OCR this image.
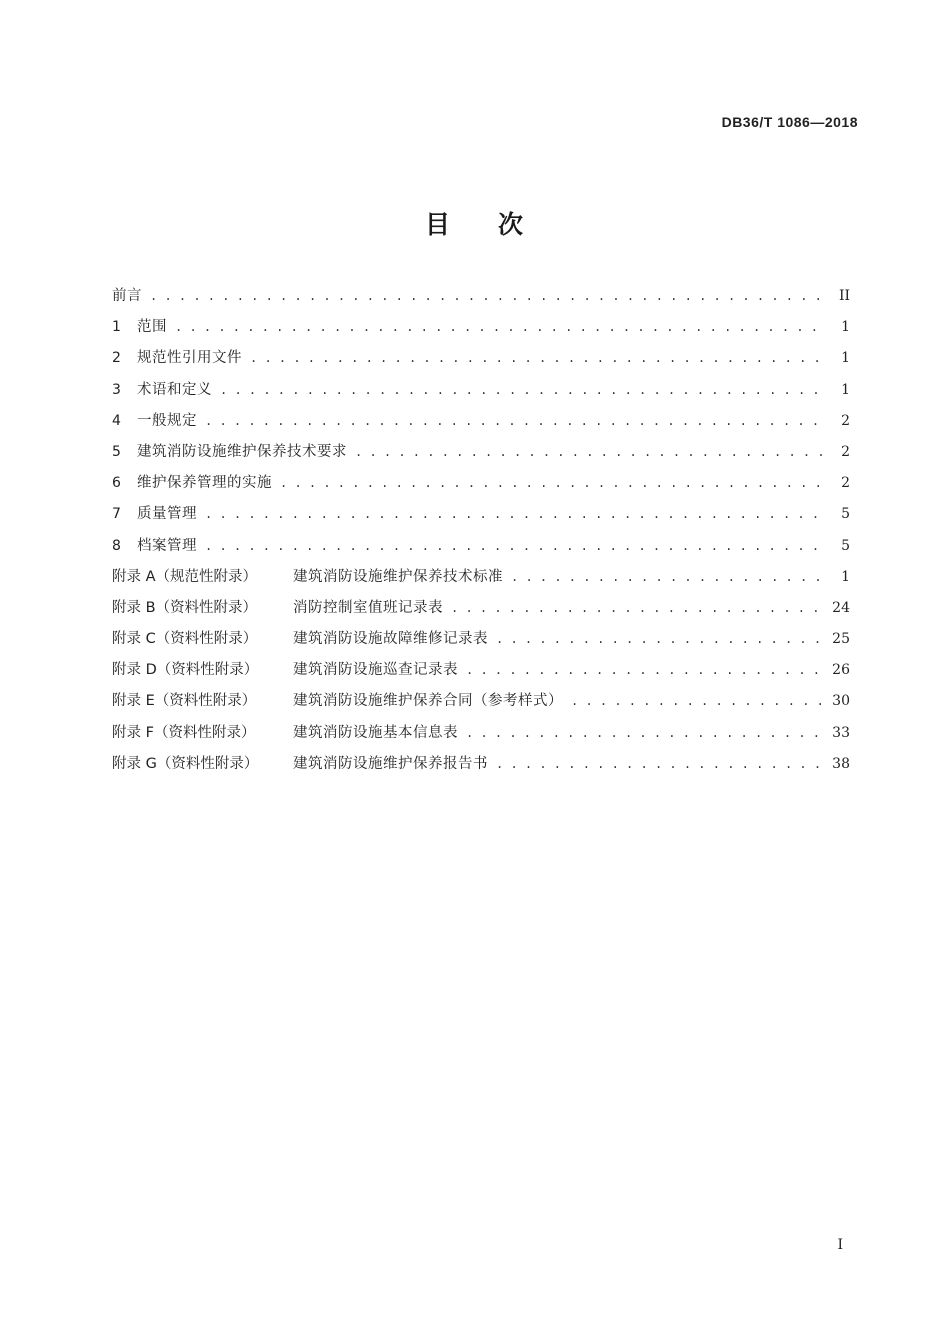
DB36/T 1086—2018
目 次
前言 . . .	II
1	范围 . . .	1
2	规范性引用文件 . . .	1
3	术语和定义 . . .	1
4	一般规定 . . .	2
5	建筑消防设施维护保养技术要求 . . .	2
6	维护保养管理的实施 . . .	2
7	质量管理 . . .	5
8	档案管理 . . .	5
附录 A（规范性附录）	建筑消防设施维护保养技术标准 . . .	1
附录 B（资料性附录）	消防控制室值班记录表 . . .	24
附录 C（资料性附录）	建筑消防设施故障维修记录表 . . .	25
附录 D（资料性附录）	建筑消防设施巡查记录表 . . .	26
附录 E（资料性附录）	建筑消防设施维护保养合同（参考样式） . . .	30
附录 F（资料性附录）	建筑消防设施基本信息表 . . .	33
附录 G（资料性附录）	建筑消防设施维护保养报告书 . . .	38
I
